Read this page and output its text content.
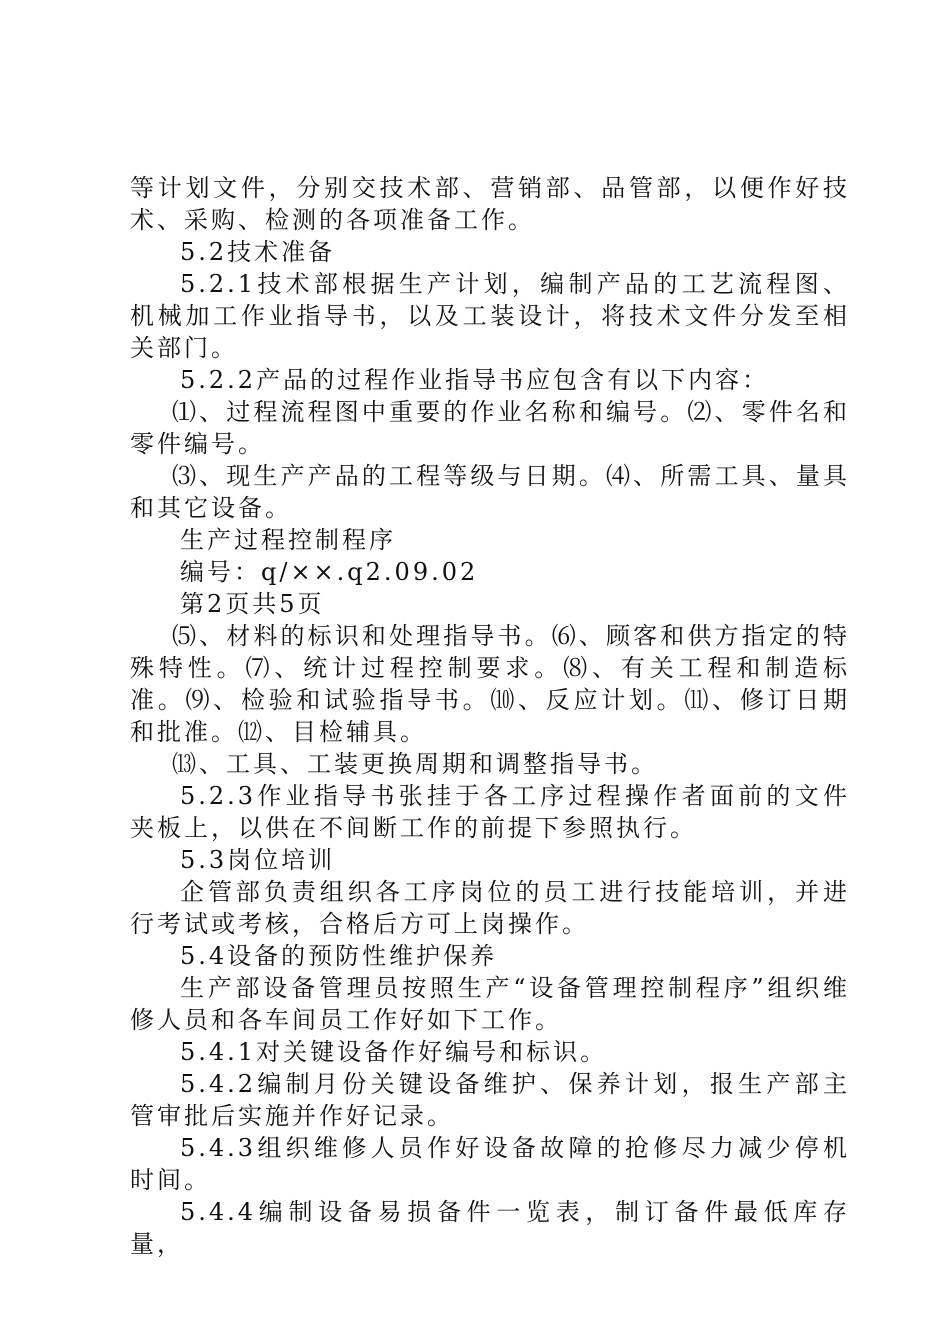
等计划文件，分别交技术部、营销部、品管部，以便作好技术、采购、检测的各项准备工作。

5.2技术准备

5.2.1技术部根据生产计划，编制产品的工艺流程图、机械加工作业指导书，以及工装设计，将技术文件分发至相关部门。

5.2.2产品的过程作业指导书应包含有以下内容：

⑴、过程流程图中重要的作业名称和编号。⑵、零件名和零件编号。

⑶、现生产产品的工程等级与日期。⑷、所需工具、量具和其它设备。

生产过程控制程序

编号：q/××.q2.09.02

第2页共5页

⑸、材料的标识和处理指导书。⑹、顾客和供方指定的特殊特性。⑺、统计过程控制要求。⑻、有关工程和制造标准。⑼、检验和试验指导书。⑽、反应计划。⑾、修订日期和批准。⑿、目检辅具。

⒀、工具、工装更换周期和调整指导书。

5.2.3作业指导书张挂于各工序过程操作者面前的文件夹板上，以供在不间断工作的前提下参照执行。

5.3岗位培训

企管部负责组织各工序岗位的员工进行技能培训，并进行考试或考核，合格后方可上岗操作。

5.4设备的预防性维护保养

生产部设备管理员按照生产“设备管理控制程序”组织维修人员和各车间员工作好如下工作。

5.4.1对关键设备作好编号和标识。

5.4.2编制月份关键设备维护、保养计划，报生产部主管审批后实施并作好记录。

5.4.3组织维修人员作好设备故障的抢修尽力减少停机时间。

5.4.4编制设备易损备件一览表，制订备件最低库存量，
